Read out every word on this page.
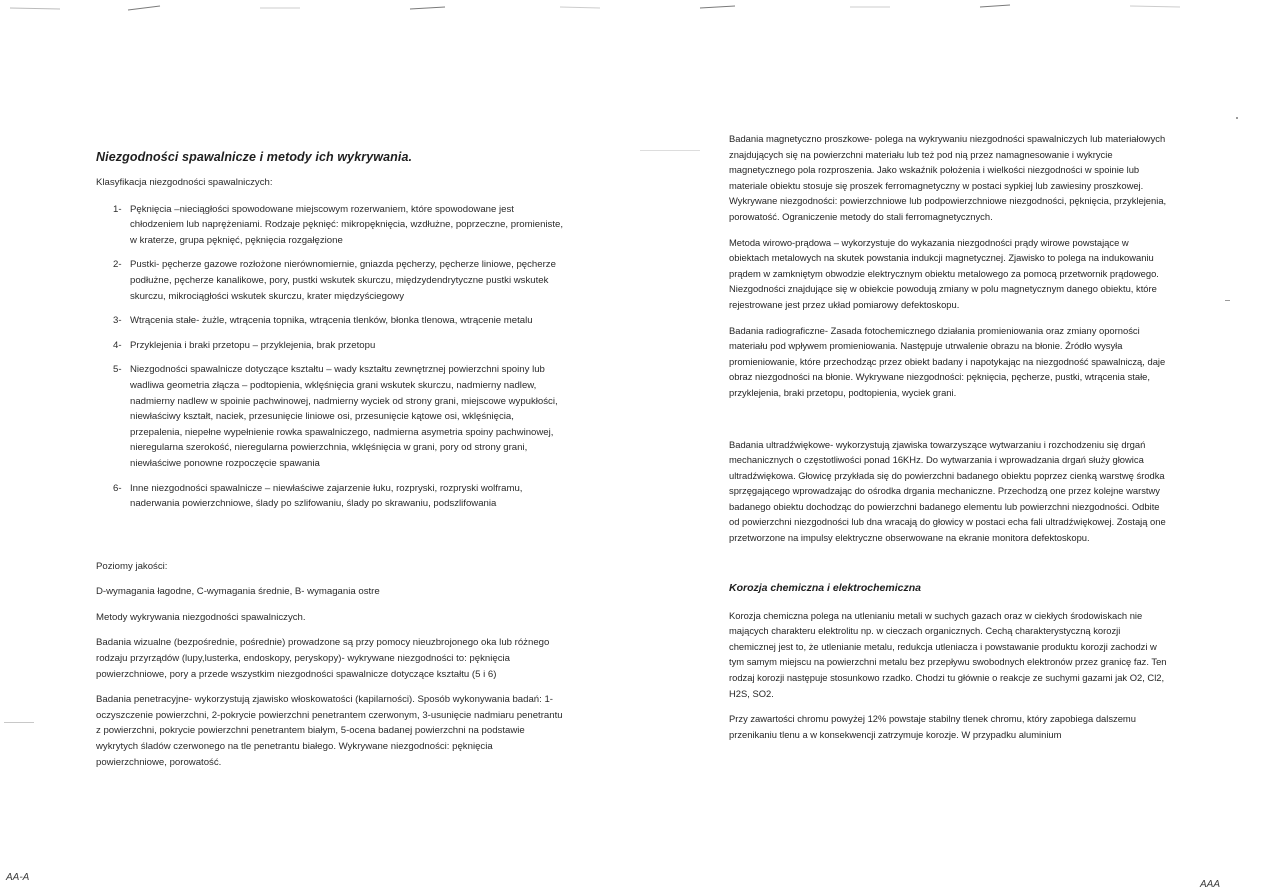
Niezgodności spawalnicze i metody ich wykrywania.

Klasyfikacja niezgodności spawalniczych:

1- Pęknięcia –nieciągłości spowodowane miejscowym rozerwaniem, które spowodowane jest chłodzeniem lub naprężeniami. Rodzaje pęknięć: mikropęknięcia, wzdłużne, poprzeczne, promieniste, w kraterze, grupa pęknięć, pęknięcia rozgałęzione
2- Pustki- pęcherze gazowe rozłożone nierównomiernie, gniazda pęcherzy, pęcherze liniowe, pęcherze podłużne, pęcherze kanalikowe, pory, pustki wskutek skurczu, międzydendrytyczne pustki wskutek skurczu, mikrociągłości wskutek skurczu, krater międzyściegowy
3- Wtrącenia stałe- żużle, wtrącenia topnika, wtrącenia tlenków, błonka tlenowa, wtrącenie metalu
4- Przyklejenia i braki przetopu – przyklejenia, brak przetopu
5- Niezgodności spawalnicze dotyczące kształtu – wady kształtu zewnętrznej powierzchni spoiny lub wadliwa geometria złącza – podtopienia, wklęśnięcia grani wskutek skurczu, nadmierny nadlew, nadmierny nadlew w spoinie pachwinowej, nadmierny wyciek od strony grani, miejscowe wypukłości, niewłaściwy kształt, naciek, przesunięcie liniowe osi, przesunięcie kątowe osi, wklęśnięcia, przepalenia, niepełne wypełnienie rowka spawalniczego, nadmierna asymetria spoiny pachwinowej, nieregularna szerokość, nieregularna powierzchnia, wklęśnięcia w grani, pory od strony grani, niewłaściwe ponowne rozpoczęcie spawania
6- Inne niezgodności spawalnicze – niewłaściwe zajarzenie łuku, rozpryski, rozpryski wolframu, naderwania powierzchniowe, ślady po szlifowaniu, ślady po skrawaniu, podszlifowania

Poziomy jakości:

D-wymagania łagodne, C-wymagania średnie, B- wymagania ostre

Metody wykrywania niezgodności spawalniczych.

Badania wizualne (bezpośrednie, pośrednie) prowadzone są przy pomocy nieuzbrojonego oka lub różnego rodzaju przyrządów (lupy,lusterka, endoskopy, peryskopy)- wykrywane niezgodności to: pęknięcia powierzchniowe, pory a przede wszystkim niezgodności spawalnicze dotyczące kształtu (5 i 6)

Badania penetracyjne- wykorzystują zjawisko włoskowatości (kapilarności). Sposób wykonywania badań: 1-oczyszczenie powierzchni, 2-pokrycie powierzchni penetrantem czerwonym, 3-usunięcie nadmiaru penetrantu z powierzchni, pokrycie powierzchni penetrantem białym, 5-ocena badanej powierzchni na podstawie wykrytych śladów czerwonego na tle penetrantu białego. Wykrywane niezgodności: pęknięcia powierzchniowe, porowatość.

Badania magnetyczno proszkowe- polega na wykrywaniu niezgodności spawalniczych lub materiałowych znajdujących się na powierzchni materiału lub też pod nią przez namagnesowanie i wykrycie magnetycznego pola rozproszenia. Jako wskaźnik położenia i wielkości niezgodności w spoinie lub materiale obiektu stosuje się proszek ferromagnetyczny w postaci sypkiej lub zawiesiny proszkowej. Wykrywane niezgodności: powierzchniowe lub podpowierzchniowe niezgodności, pęknięcia, przyklejenia, porowatość. Ograniczenie metody do stali ferromagnetycznych.

Metoda wirowo-prądowa – wykorzystuje do wykazania niezgodności prądy wirowe powstające w obiektach metalowych na skutek powstania indukcji magnetycznej. Zjawisko to polega na indukowaniu prądem w zamkniętym obwodzie elektrycznym obiektu metalowego za pomocą przetwornik prądowego. Niezgodności znajdujące się w obiekcie powodują zmiany w polu magnetycznym danego obiektu, które rejestrowane jest przez układ pomiarowy defektoskopu.

Badania radiograficzne- Zasada fotochemicznego działania promieniowania oraz zmiany oporności materiału pod wpływem promieniowania. Następuje utrwalenie obrazu na błonie. Źródło wysyła promieniowanie, które przechodząc przez obiekt badany i napotykając na niezgodność spawalniczą, daje obraz niezgodności na błonie. Wykrywane niezgodności: pęknięcia, pęcherze, pustki, wtrącenia stałe, przyklejenia, braki przetopu, podtopienia, wyciek grani.

Badania ultradźwiękowe- wykorzystują zjawiska towarzyszące wytwarzaniu i rozchodzeniu się drgań mechanicznych o częstotliwości ponad 16KHz. Do wytwarzania i wprowadzania drgań służy głowica ultradźwiękowa. Głowicę przykłada się do powierzchni badanego obiektu poprzez cienką warstwę środka sprzęgającego wprowadzając do ośrodka drgania mechaniczne. Przechodzą one przez kolejne warstwy badanego obiektu dochodząc do powierzchni badanego elementu lub powierzchni niezgodności. Odbite od powierzchni niezgodności lub dna wracają do głowicy w postaci echa fali ultradźwiękowej. Zostają one przetworzone na impulsy elektryczne obserwowane na ekranie monitora defektoskopu.

Korozja chemiczna i elektrochemiczna

Korozja chemiczna polega na utlenianiu metali w suchych gazach oraz w ciekłych środowiskach nie mających charakteru elektrolitu np. w cieczach organicznych. Cechą charakterystyczną korozji chemicznej jest to, że utlenianie metalu, redukcja utleniacza i powstawanie produktu korozji zachodzi w tym samym miejscu na powierzchni metalu bez przepływu swobodnych elektronów przez granicę faz. Ten rodzaj korozji następuje stosunkowo rzadko. Chodzi tu głównie o reakcje ze suchymi gazami jak O2, Cl2, H2S, SO2.

Przy zawartości chromu powyżej 12% powstaje stabilny tlenek chromu, który zapobiega dalszemu przenikaniu tlenu a w konsekwencji zatrzymuje korozje. W przypadku aluminium

AA-A
AAA
